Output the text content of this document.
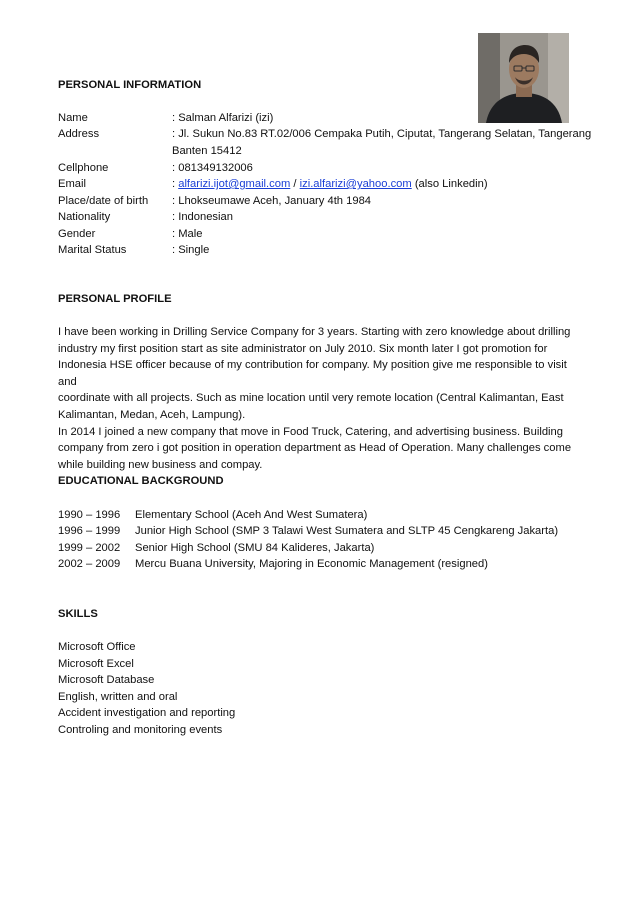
PERSONAL INFORMATION
Name	: Salman Alfarizi (izi)
Address	: Jl. Sukun No.83 RT.02/006 Cempaka Putih, Ciputat, Tangerang Selatan, Tangerang
Banten 15412
Cellphone	: 081349132006
Email	: alfarizi.ijot@gmail.com / izi.alfarizi@yahoo.com (also Linkedin)
Place/date of birth	: Lhokseumawe Aceh, January 4th 1984
Nationality	: Indonesian
Gender	: Male
Marital Status	: Single
PERSONAL PROFILE
I have been working in Drilling Service Company for 3 years. Starting with zero knowledge about drilling
industry my first position start as site administrator on July 2010. Six month later I got promotion for
Indonesia HSE officer because of my contribution for company. My position give me responsible to visit and
coordinate with all projects. Such as mine location until very remote location (Central Kalimantan, East
Kalimantan, Medan, Aceh, Lampung).
In 2014 I joined a new company that move in Food Truck, Catering, and advertising business. Building
company from zero i got position in operation department as Head of Operation. Many challenges come
while building new business and compay.
EDUCATIONAL BACKGROUND
1990 – 1996	Elementary School (Aceh And West Sumatera)
1996 – 1999	Junior High School (SMP 3 Talawi West Sumatera and SLTP 45 Cengkareng Jakarta)
1999 – 2002	Senior High School (SMU 84 Kalideres, Jakarta)
2002 – 2009	Mercu Buana University, Majoring in Economic Management (resigned)
SKILLS
Microsoft Office
Microsoft Excel
Microsoft Database
English, written and oral
Accident investigation and reporting
Controling and monitoring events
